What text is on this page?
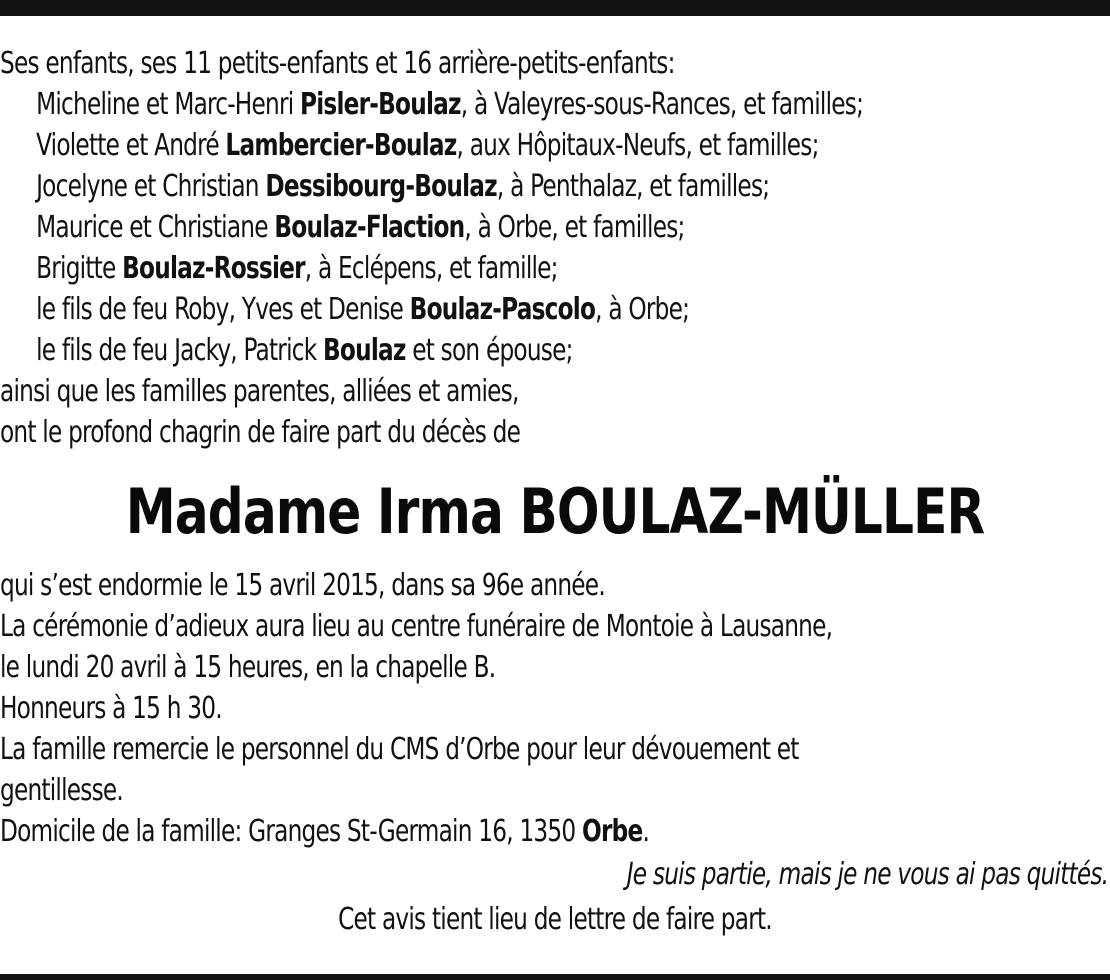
Ses enfants, ses 11 petits-enfants et 16 arrière-petits-enfants:
Micheline et Marc-Henri Pisler-Boulaz, à Valeyres-sous-Rances, et familles;
Violette et André Lambercier-Boulaz, aux Hôpitaux-Neufs, et familles;
Jocelyne et Christian Dessibourg-Boulaz, à Penthalaz, et familles;
Maurice et Christiane Boulaz-Flaction, à Orbe, et familles;
Brigitte Boulaz-Rossier, à Eclépens, et famille;
le fils de feu Roby, Yves et Denise Boulaz-Pascolo, à Orbe;
le fils de feu Jacky, Patrick Boulaz et son épouse;
ainsi que les familles parentes, alliées et amies,
ont le profond chagrin de faire part du décès de
Madame Irma BOULAZ-MÜLLER
qui s’est endormie le 15 avril 2015, dans sa 96e année.
La cérémonie d’adieux aura lieu au centre funéraire de Montoie à Lausanne,
le lundi 20 avril à 15 heures, en la chapelle B.
Honneurs à 15 h 30.
La famille remercie le personnel du CMS d’Orbe pour leur dévouement et
gentillesse.
Domicile de la famille: Granges St-Germain 16, 1350 Orbe.
Je suis partie, mais je ne vous ai pas quittés.
Cet avis tient lieu de lettre de faire part.
